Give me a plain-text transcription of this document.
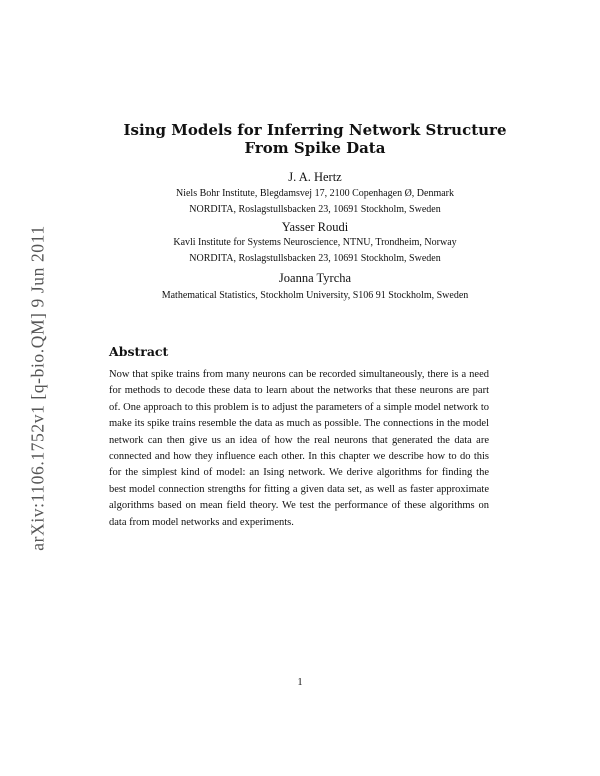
arXiv:1106.1752v1 [q-bio.QM] 9 Jun 2011
Ising Models for Inferring Network Structure
From Spike Data
J. A. Hertz
Niels Bohr Institute, Blegdamsvej 17, 2100 Copenhagen Ø, Denmark
NORDITA, Roslagstullsbacken 23, 10691 Stockholm, Sweden
Yasser Roudi
Kavli Institute for Systems Neuroscience, NTNU, Trondheim, Norway
NORDITA, Roslagstullsbacken 23, 10691 Stockholm, Sweden
Joanna Tyrcha
Mathematical Statistics, Stockholm University, S106 91 Stockholm, Sweden
Abstract

Now that spike trains from many neurons can be recorded simultaneously, there is a need for methods to decode these data to learn about the networks that these neurons are part of. One approach to this problem is to adjust the parameters of a simple model network to make its spike trains resemble the data as much as possible. The connections in the model network can then give us an idea of how the real neurons that generated the data are connected and how they influence each other. In this chapter we describe how to do this for the simplest kind of model: an Ising network. We derive algorithms for finding the best model connection strengths for fitting a given data set, as well as faster approximate algorithms based on mean field theory. We test the performance of these algorithms on data from model networks and experiments.

1
